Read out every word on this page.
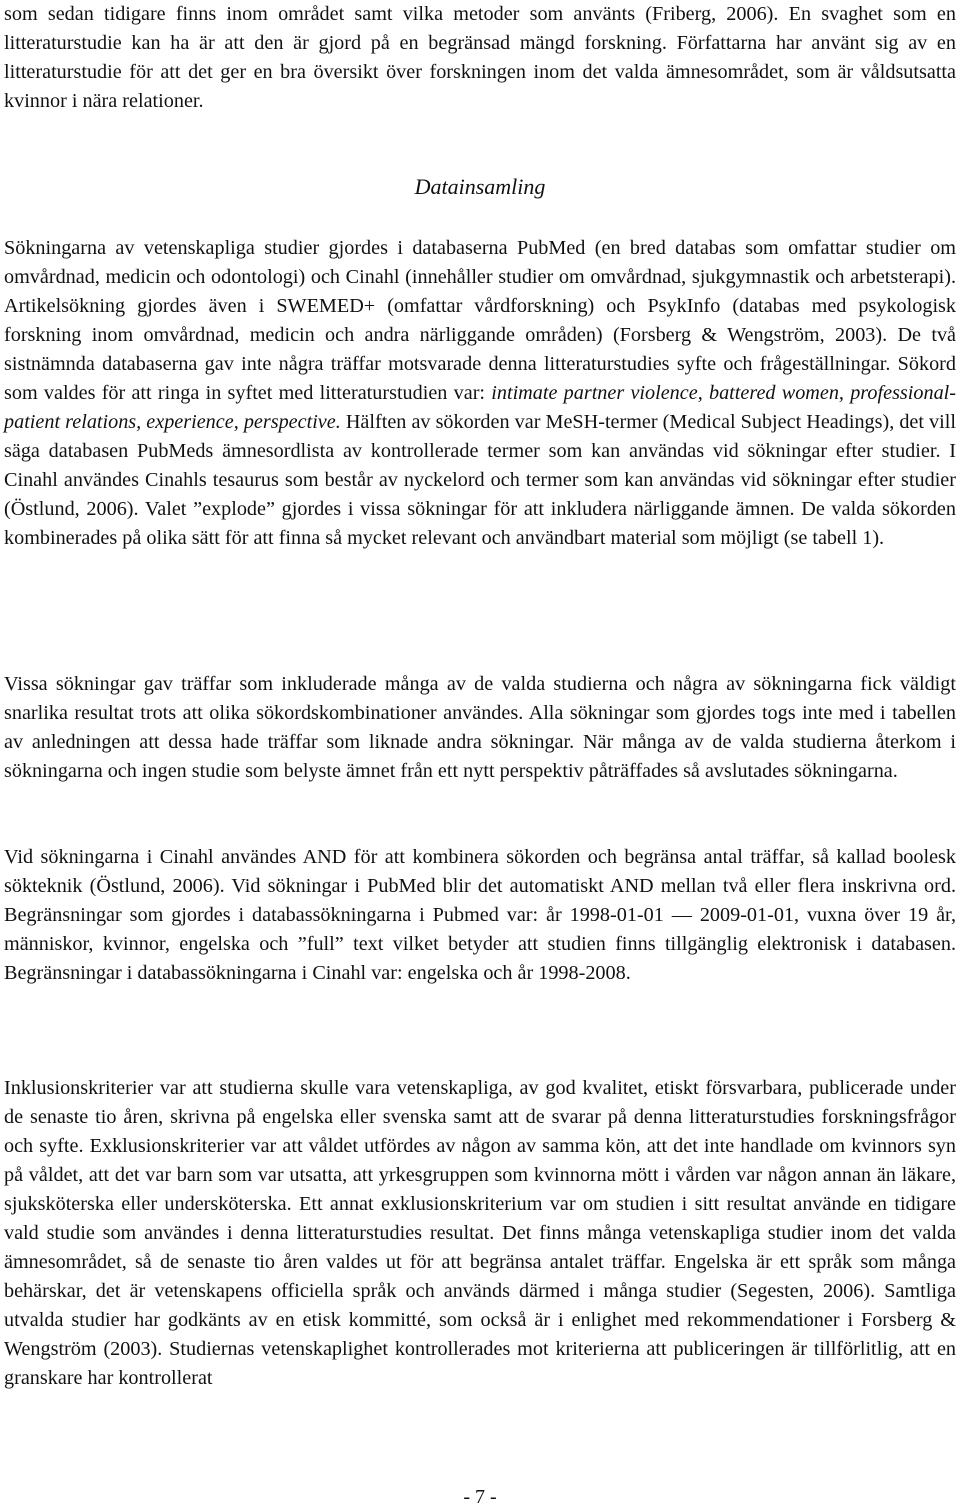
som sedan tidigare finns inom området samt vilka metoder som använts (Friberg, 2006). En svaghet som en litteraturstudie kan ha är att den är gjord på en begränsad mängd forskning. Författarna har använt sig av en litteraturstudie för att det ger en bra översikt över forskningen inom det valda ämnesområdet, som är våldsutsatta kvinnor i nära relationer.

Datainsamling

Sökningarna av vetenskapliga studier gjordes i databaserna PubMed (en bred databas som omfattar studier om omvårdnad, medicin och odontologi) och Cinahl (innehåller studier om omvårdnad, sjukgymnastik och arbetsterapi). Artikelsökning gjordes även i SWEMED+ (omfattar vårdforskning) och PsykInfo (databas med psykologisk forskning inom omvårdnad, medicin och andra närliggande områden) (Forsberg & Wengström, 2003). De två sistnämnda databaserna gav inte några träffar motsvarade denna litteraturstudies syfte och frågeställningar. Sökord som valdes för att ringa in syftet med litteraturstudien var: intimate partner violence, battered women, professional-patient relations, experience, perspective. Hälften av sökorden var MeSH-termer (Medical Subject Headings), det vill säga databasen PubMeds ämnesordlista av kontrollerade termer som kan användas vid sökningar efter studier. I Cinahl användes Cinahls tesaurus som består av nyckelord och termer som kan användas vid sökningar efter studier (Östlund, 2006). Valet ”explode” gjordes i vissa sökningar för att inkludera närliggande ämnen. De valda sökorden kombinerades på olika sätt för att finna så mycket relevant och användbart material som möjligt (se tabell 1).

Vissa sökningar gav träffar som inkluderade många av de valda studierna och några av sökningarna fick väldigt snarlika resultat trots att olika sökordskombinationer användes. Alla sökningar som gjordes togs inte med i tabellen av anledningen att dessa hade träffar som liknade andra sökningar. När många av de valda studierna återkom i sökningarna och ingen studie som belyste ämnet från ett nytt perspektiv påträffades så avslutades sökningarna.

Vid sökningarna i Cinahl användes AND för att kombinera sökorden och begränsa antal träffar, så kallad boolesk sökteknik (Östlund, 2006). Vid sökningar i PubMed blir det automatiskt AND mellan två eller flera inskrivna ord. Begränsningar som gjordes i databassökningarna i Pubmed var: år 1998-01-01 — 2009-01-01, vuxna över 19 år, människor, kvinnor, engelska och ”full” text vilket betyder att studien finns tillgänglig elektronisk i databasen. Begränsningar i databassökningarna i Cinahl var: engelska och år 1998-2008.

Inklusionskriterier var att studierna skulle vara vetenskapliga, av god kvalitet, etiskt försvarbara, publicerade under de senaste tio åren, skrivna på engelska eller svenska samt att de svarar på denna litteraturstudies forskningsfrågor och syfte. Exklusionskriterier var att våldet utfördes av någon av samma kön, att det inte handlade om kvinnors syn på våldet, att det var barn som var utsatta, att yrkesgruppen som kvinnorna mött i vården var någon annan än läkare, sjuksköterska eller undersköterska. Ett annat exklusionskriterium var om studien i sitt resultat använde en tidigare vald studie som användes i denna litteraturstudies resultat. Det finns många vetenskapliga studier inom det valda ämnesområdet, så de senaste tio åren valdes ut för att begränsa antalet träffar. Engelska är ett språk som många behärskar, det är vetenskapens officiella språk och används därmed i många studier (Segesten, 2006). Samtliga utvalda studier har godkänts av en etisk kommitté, som också är i enlighet med rekommendationer i Forsberg & Wengström (2003). Studiernas vetenskaplighet kontrollerades mot kriterierna att publiceringen är tillförlitlig, att en granskare har kontrollerat

- 7 -
